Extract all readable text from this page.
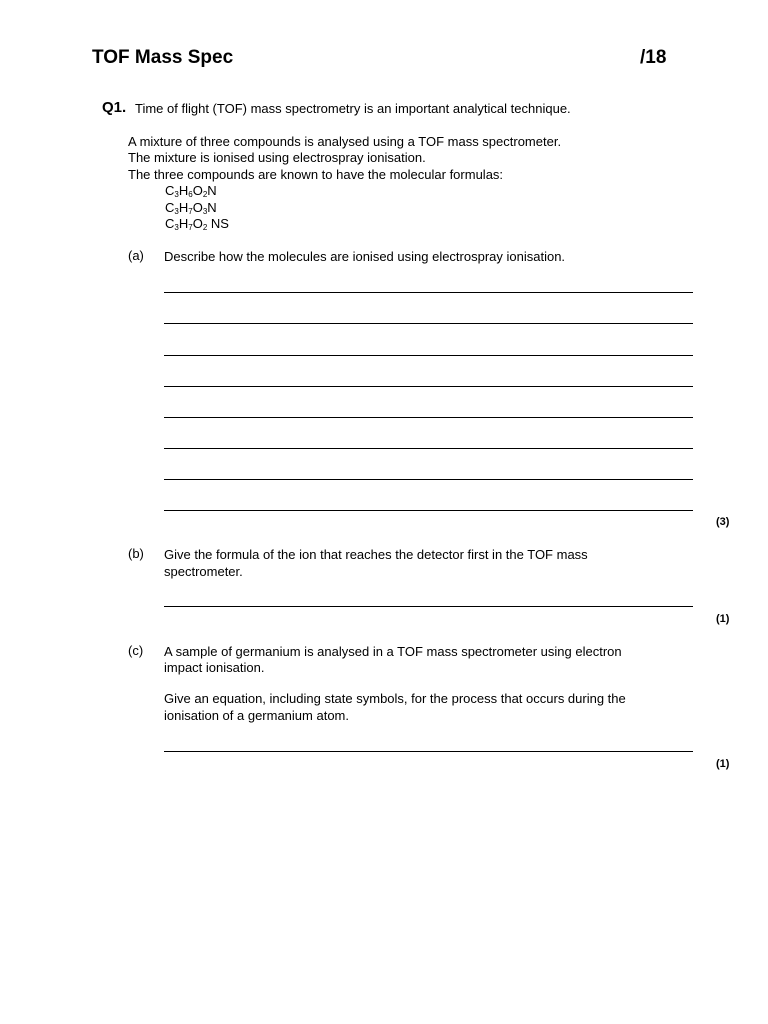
TOF Mass Spec	/18
Q1. Time of flight (TOF) mass spectrometry is an important analytical technique.
A mixture of three compounds is analysed using a TOF mass spectrometer.
The mixture is ionised using electrospray ionisation.
The three compounds are known to have the molecular formulas:
$C_3H_6O_2N$
$C_3H_7O_3N$
$C_3H_7O_2$ NS
(a) Describe how the molecules are ionised using electrospray ionisation.
(3)
(b) Give the formula of the ion that reaches the detector first in the TOF mass
spectrometer.
(1)
(c) A sample of germanium is analysed in a TOF mass spectrometer using electron
impact ionisation.
Give an equation, including state symbols, for the process that occurs during the
ionisation of a germanium atom.
(1)
